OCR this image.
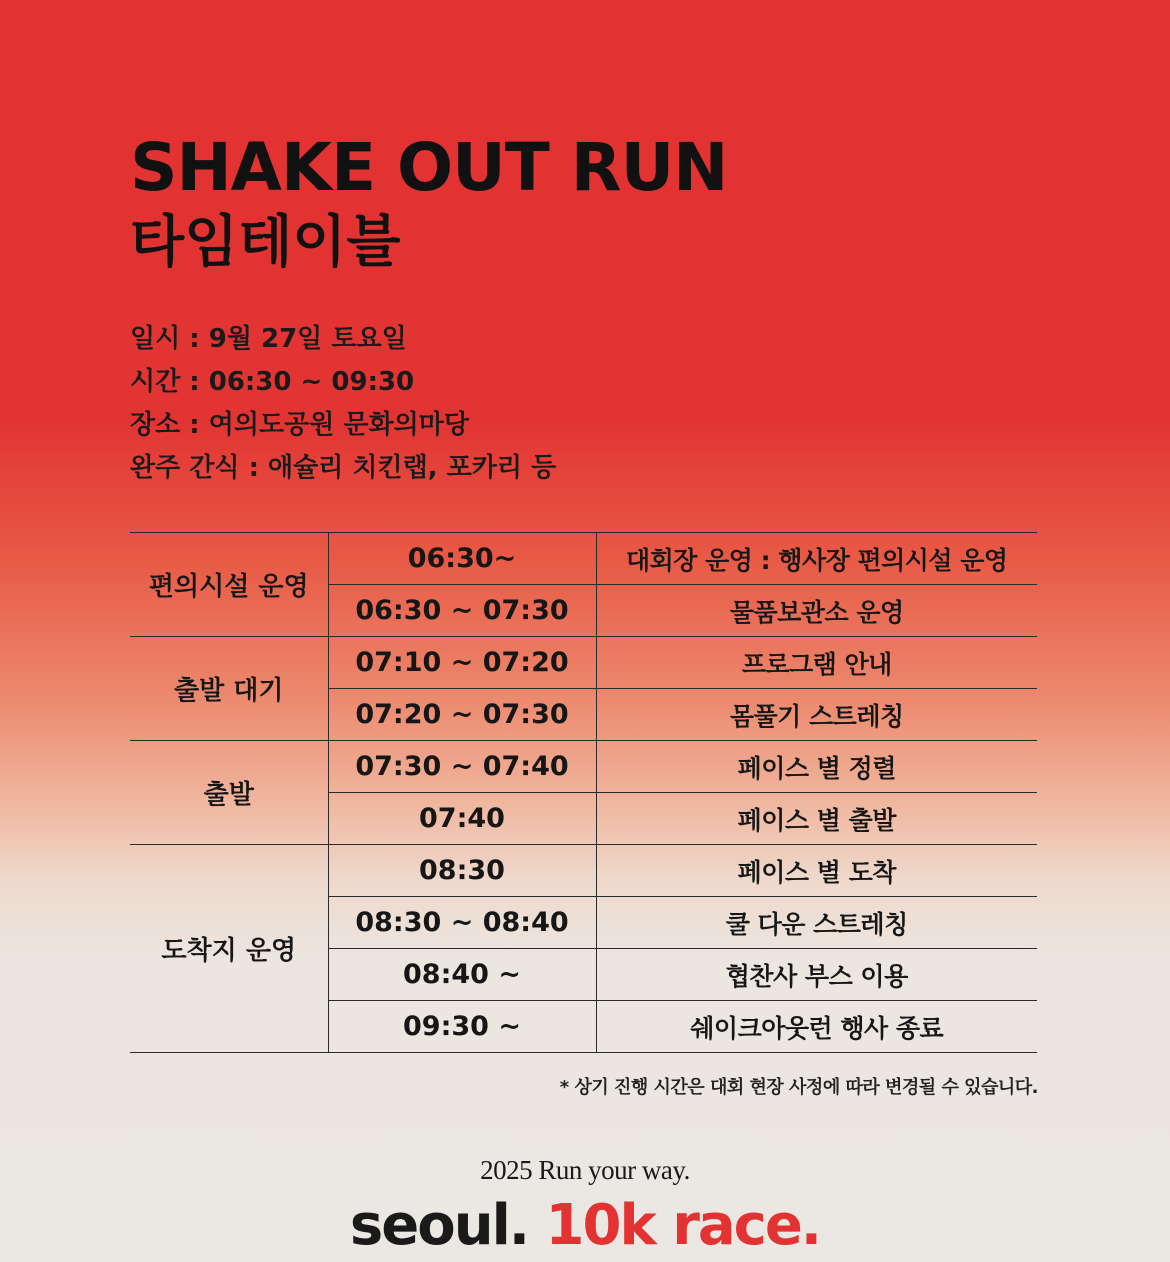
SHAKE OUT RUN
타임테이블
일시 : 9월 27일 토요일
시간 : 06:30 ~ 09:30
장소 : 여의도공원 문화의마당
완주 간식 : 애슐리 치킨랩, 포카리 등
편의시설 운영	06:30~	대회장 운영 : 행사장 편의시설 운영
	06:30 ~ 07:30	물품보관소 운영
출발 대기	07:10 ~ 07:20	프로그램 안내
	07:20 ~ 07:30	몸풀기 스트레칭
출발	07:30 ~ 07:40	페이스 별 정렬
	07:40	페이스 별 출발
도착지 운영	08:30	페이스 별 도착
	08:30 ~ 08:40	쿨 다운 스트레칭
	08:40 ~	협찬사 부스 이용
	09:30 ~	쉐이크아웃런 행사 종료
* 상기 진행 시간은 대회 현장 사정에 따라 변경될 수 있습니다.
2025 Run your way.
seoul. 10k race.
